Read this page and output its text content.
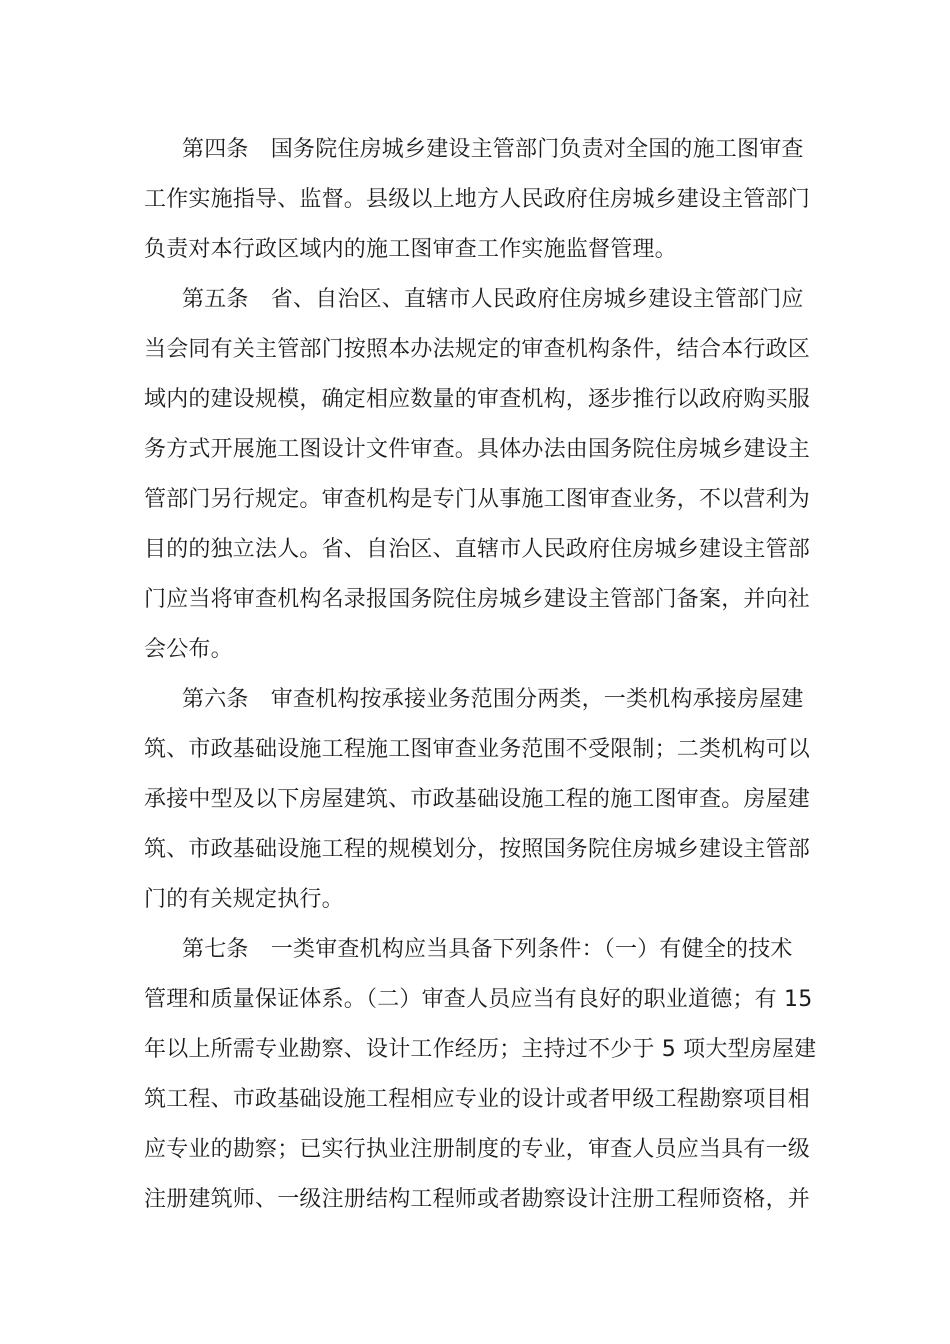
第四条　国务院住房城乡建设主管部门负责对全国的施工图审查
工作实施指导、监督。县级以上地方人民政府住房城乡建设主管部门
负责对本行政区域内的施工图审查工作实施监督管理。
第五条　省、自治区、直辖市人民政府住房城乡建设主管部门应
当会同有关主管部门按照本办法规定的审查机构条件，结合本行政区
域内的建设规模，确定相应数量的审查机构，逐步推行以政府购买服
务方式开展施工图设计文件审查。具体办法由国务院住房城乡建设主
管部门另行规定。审查机构是专门从事施工图审查业务，不以营利为
目的的独立法人。省、自治区、直辖市人民政府住房城乡建设主管部
门应当将审查机构名录报国务院住房城乡建设主管部门备案，并向社
会公布。
第六条　审查机构按承接业务范围分两类，一类机构承接房屋建
筑、市政基础设施工程施工图审查业务范围不受限制；二类机构可以
承接中型及以下房屋建筑、市政基础设施工程的施工图审查。房屋建
筑、市政基础设施工程的规模划分，按照国务院住房城乡建设主管部
门的有关规定执行。
第七条　一类审查机构应当具备下列条件：（一）有健全的技术
管理和质量保证体系。（二）审查人员应当有良好的职业道德；有 15
年以上所需专业勘察、设计工作经历；主持过不少于 5 项大型房屋建
筑工程、市政基础设施工程相应专业的设计或者甲级工程勘察项目相
应专业的勘察；已实行执业注册制度的专业，审查人员应当具有一级
注册建筑师、一级注册结构工程师或者勘察设计注册工程师资格，并
